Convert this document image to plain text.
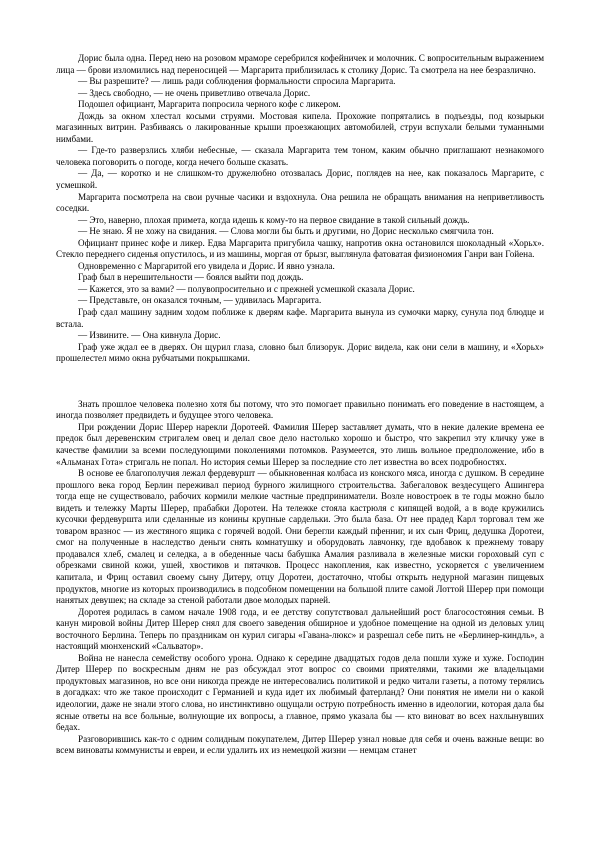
Дорис была одна. Перед нею на розовом мраморе серебрился кофейничек и молочник. С вопросительным выражением лица — брови изломились над переносицей — Маргарита приблизилась к столику Дорис. Та смотрела на нее безразлично.

— Вы разрешите? — лишь ради соблюдения формальности спросила Маргарита.

— Здесь свободно, — не очень приветливо отвечала Дорис.

Подошел официант, Маргарита попросила черного кофе с ликером.

Дождь за окном хлестал косыми струями. Мостовая кипела. Прохожие попрятались в подъезды, под козырьки магазинных витрин. Разбиваясь о лакированные крыши проезжающих автомобилей, струи вспухали белыми туманными нимбами.

— Где-то разверзлись хляби небесные, — сказала Маргарита тем тоном, каким обычно приглашают незнакомого человека поговорить о погоде, когда нечего больше сказать.

— Да, — коротко и не слишком-то дружелюбно отозвалась Дорис, поглядев на нее, как показалось Маргарите, с усмешкой.

Маргарита посмотрела на свои ручные часики и вздохнула. Она решила не обращать внимания на неприветливость соседки.

— Это, наверно, плохая примета, когда идешь к кому-то на первое свидание в такой сильный дождь.

— Не знаю. Я не хожу на свидания. — Слова могли бы быть и другими, но Дорис несколько смягчила тон.

Официант принес кофе и ликер. Едва Маргарита пригубила чашку, напротив окна остановился шоколадный «Хорьх». Стекло переднего сиденья опустилось, и из машины, моргая от брызг, выглянула фатоватая физиономия Ганри ван Гойена.

Одновременно с Маргаритой его увидела и Дорис. И явно узнала.

Граф был в нерешительности — боялся выйти под дождь.

— Кажется, это за вами? — полувопросительно и с прежней усмешкой сказала Дорис.

— Представьте, он оказался точным, — удивилась Маргарита.

Граф сдал машину задним ходом поближе к дверям кафе. Маргарита вынула из сумочки марку, сунула под блюдце и встала.

— Извините. — Она кивнула Дорис.

Граф уже ждал ее в дверях. Он щурил глаза, словно был близорук. Дорис видела, как они сели в машину, и «Хорьх» прошелестел мимо окна рубчатыми покрышками.

Знать прошлое человека полезно хотя бы потому, что это помогает правильно понимать его поведение в настоящем, а иногда позволяет предвидеть и будущее этого человека.

При рождении Дорис Шерер нарекли Доротеей. Фамилия Шерер заставляет думать, что в некие далекие времена ее предок был деревенским стригалем овец и делал свое дело настолько хорошо и быстро, что закрепил эту кличку уже в качестве фамилии за всеми последующими поколениями потомков. Разумеется, это лишь вольное предположение, ибо в «Альманах Гота» стригаль не попал. Но история семьи Шерер за последние сто лет известна во всех подробностях.

В основе ее благополучия лежал фердевуршт — обыкновенная колбаса из конского мяса, иногда с душком. В середине прошлого века город Берлин переживал период бурного жилищного строительства. Забегаловок вездесущего Ашингера тогда еще не существовало, рабочих кормили мелкие частные предприниматели. Возле новостроек в те годы можно было видеть и тележку Марты Шерер, прабабки Доротеи. На тележке стояла кастрюля с кипящей водой, а в воде кружились кусочки фердевуршта или сделанные из конины крупные сардельки. Это была база. От нее прадед Карл торговал тем же товаром вразнос — из жестяного ящика с горячей водой. Они берегли каждый пфенниг, и их сын Фриц, дедушка Доротеи, смог на полученные в наследство деньги снять комнатушку и оборудовать лавчонку, где вдобавок к прежнему товару продавался хлеб, смалец и селедка, а в обеденные часы бабушка Амалия разливала в железные миски гороховый суп с обрезками свиной кожи, ушей, хвостиков и пятачков. Процесс накопления, как известно, ускоряется с увеличением капитала, и Фриц оставил своему сыну Дитеру, отцу Доротеи, достаточно, чтобы открыть недурной магазин пищевых продуктов, многие из которых производились в подсобном помещении на большой плите самой Лоттой Шерер при помощи нанятых девушек; на складе за стеной работали двое молодых парней.

Доротея родилась в самом начале 1908 года, и ее детству сопутствовал дальнейший рост благосостояния семьи. В канун мировой войны Дитер Шерер снял для своего заведения обширное и удобное помещение на одной из деловых улиц восточного Берлина. Теперь по праздникам он курил сигары «Гавана-люкс» и разрешал себе пить не «Берлинер-киндль», а настоящий мюнхенский «Сальватор».

Война не нанесла семейству особого урона. Однако к середине двадцатых годов дела пошли хуже и хуже. Господин Дитер Шерер по воскресным дням не раз обсуждал этот вопрос со своими приятелями, такими же владельцами продуктовых магазинов, но все они никогда прежде не интересовались политикой и редко читали газеты, а потому терялись в догадках: что же такое происходит с Германией и куда идет их любимый фатерланд? Они понятия не имели ни о какой идеологии, даже не знали этого слова, но инстинктивно ощущали острую потребность именно в идеологии, которая дала бы ясные ответы на все больные, волнующие их вопросы, а главное, прямо указала бы — кто виноват во всех нахлынувших бедах.

Разговорившись как-то с одним солидным покупателем, Дитер Шерер узнал новые для себя и очень важные вещи: во всем виноваты коммунисты и евреи, и если удалить их из немецкой жизни — немцам станет
